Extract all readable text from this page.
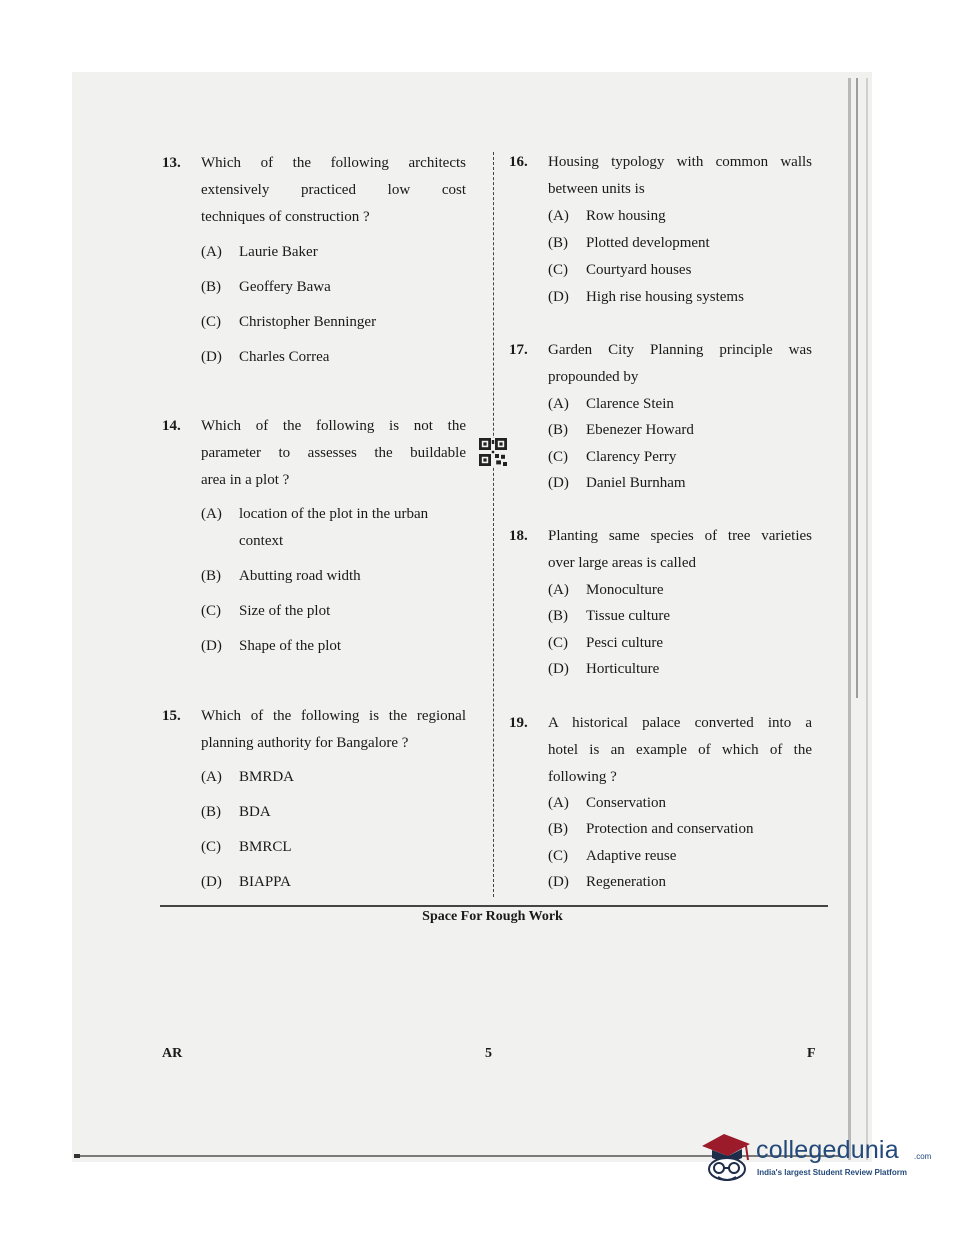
13. Which of the following architects
extensively practiced low cost
techniques of construction ?
(A) Laurie Baker
(B) Geoffery Bawa
(C) Christopher Benninger
(D) Charles Correa
14. Which of the following is not the
parameter to assesses the buildable
area in a plot ?
(A) location of the plot in the urban
context
(B) Abutting road width
(C) Size of the plot
(D) Shape of the plot
15. Which of the following is the regional
planning authority for Bangalore ?
(A) BMRDA
(B) BDA
(C) BMRCL
(D) BIAPPA
16. Housing typology with common walls
between units is
(A) Row housing
(B) Plotted development
(C) Courtyard houses
(D) High rise housing systems
17. Garden City Planning principle was
propounded by
(A) Clarence Stein
(B) Ebenezer Howard
(C) Clarency Perry
(D) Daniel Burnham
18. Planting same species of tree varieties
over large areas is called
(A) Monoculture
(B) Tissue culture
(C) Pesci culture
(D) Horticulture
19. A historical palace converted into a
hotel is an example of which of the
following ?
(A) Conservation
(B) Protection and conservation
(C) Adaptive reuse
(D) Regeneration
Space For Rough Work
AR	5	F
collegedunia .com
India's largest Student Review Platform
